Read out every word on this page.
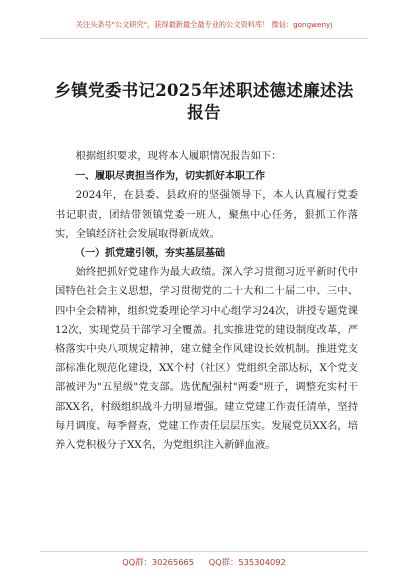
关注头条号"公文研究"，获得最新最全最专业的公文资料库！ 微信：gongwenyj
乡镇党委书记2025年述职述德述廉述法
报告

根据组织要求，现将本人履职情况报告如下：

一、履职尽责担当作为，切实抓好本职工作

2024年，在县委、县政府的坚强领导下，本人认真履行党委书记职责，团结带领镇党委一班人，聚焦中心任务，狠抓工作落实，全镇经济社会发展取得新成效。

（一）抓党建引领，夯实基层基础

始终把抓好党建作为最大政绩。深入学习贯彻习近平新时代中国特色社会主义思想，学习贯彻党的二十大和二十届二中、三中、四中全会精神，组织党委理论学习中心组学习24次，讲授专题党课12次，实现党员干部学习全覆盖。扎实推进党的建设制度改革，严格落实中央八项规定精神，建立健全作风建设长效机制。推进党支部标准化规范化建设，XX个村（社区）党组织全部达标，X个党支部被评为"五星级"党支部。选优配强村"两委"班子，调整充实村干部XX名，村级组织战斗力明显增强。建立党建工作责任清单，坚持每月调度、每季督查，党建工作责任层层压实。发展党员XX名，培养入党积极分子XX名，为党组织注入新鲜血液。

QQ群：30265665 QQ群：535304092
